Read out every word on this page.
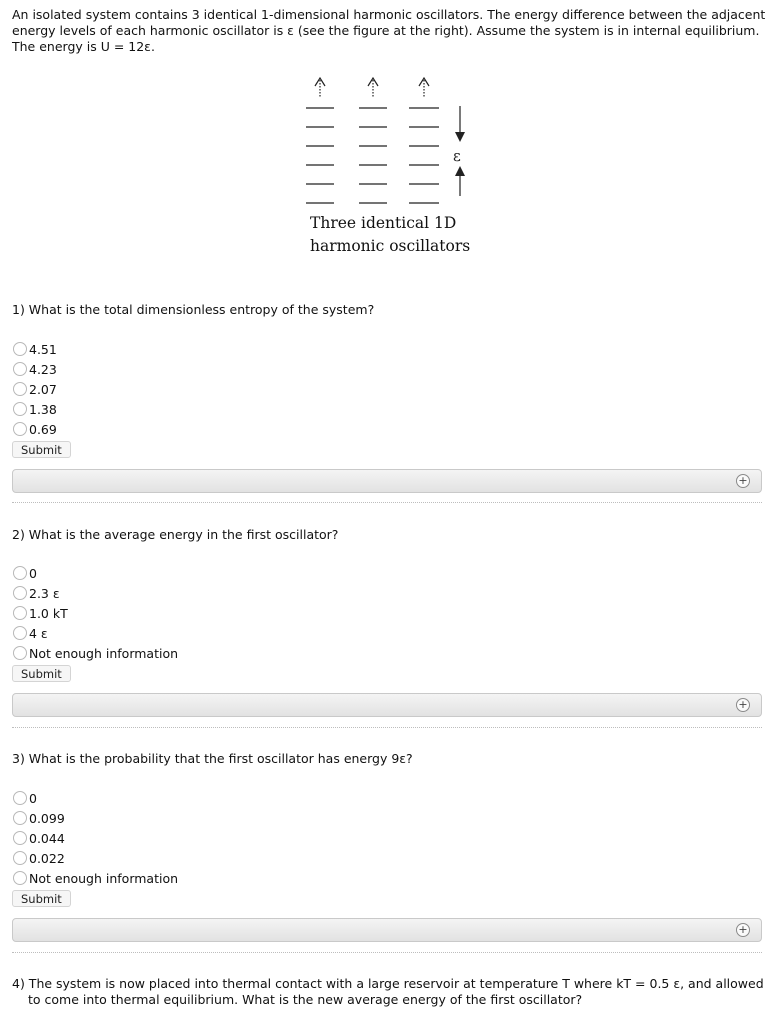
An isolated system contains 3 identical 1-dimensional harmonic oscillators. The energy difference between the adjacent

energy levels of each harmonic oscillator is ε (see the figure at the right). Assume the system is in internal equilibrium.

The energy is U = 12ε.

ε
Three identical 1D
harmonic oscillators
1) What is the total dimensionless entropy of the system?
4.51
4.23
2.07
1.38
0.69
Submit
+
2) What is the average energy in the first oscillator?
0
2.3 ε
1.0 kT
4 ε
Not enough information
Submit
+
3) What is the probability that the first oscillator has energy 9ε?
0
0.099
0.044
0.022
Not enough information
Submit
+
4) The system is now placed into thermal contact with a large reservoir at temperature T where kT = 0.5 ε, and allowed
to come into thermal equilibrium. What is the new average energy of the first oscillator?
